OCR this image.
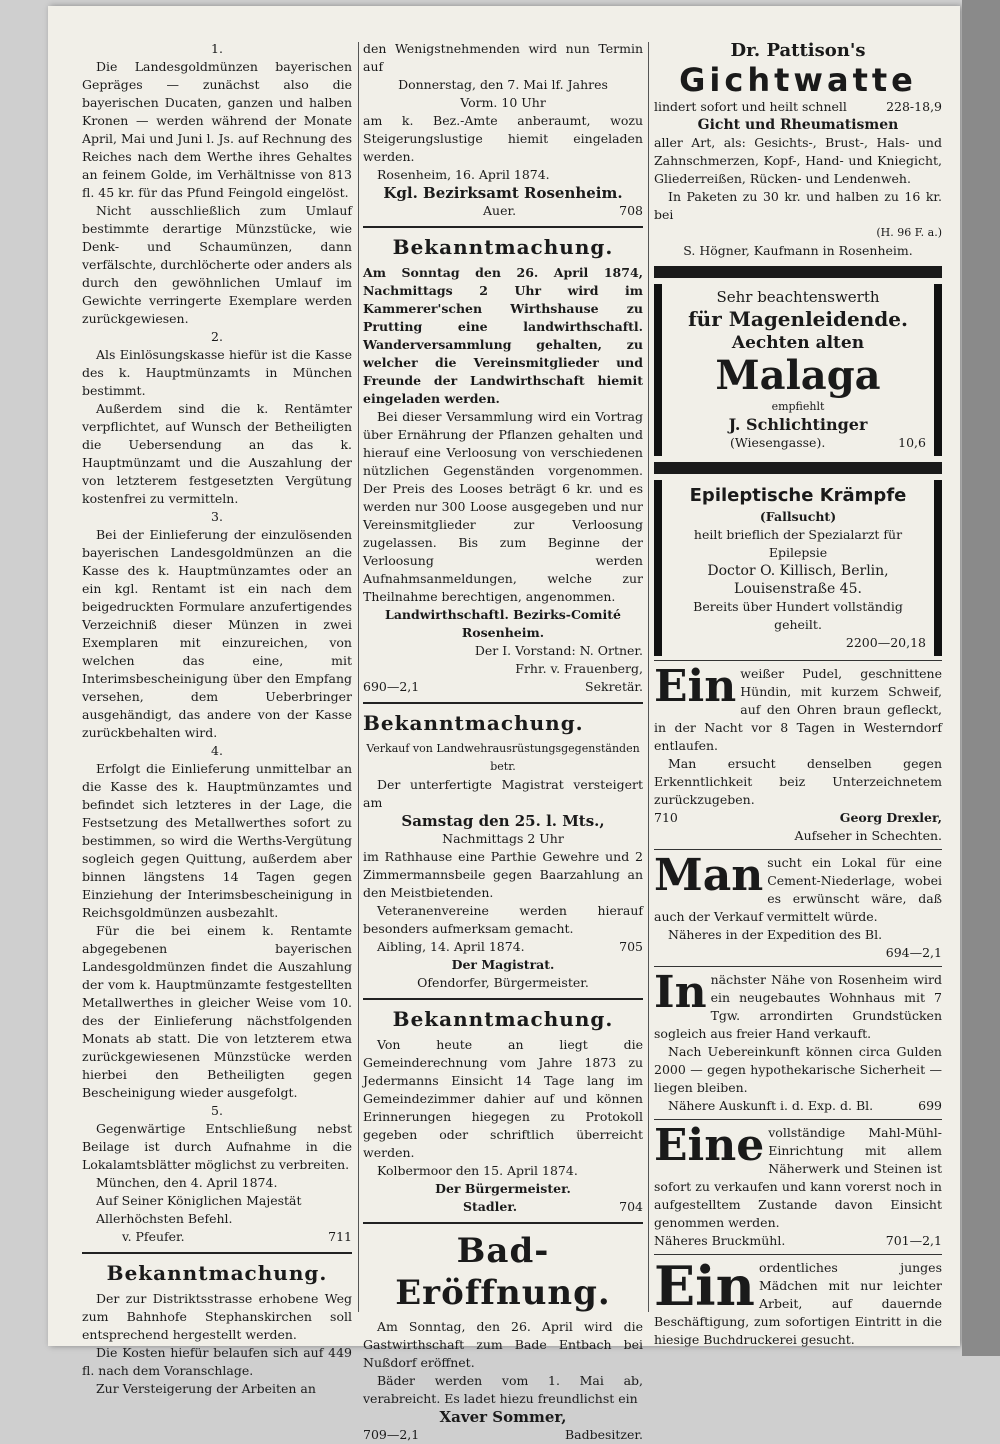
1.

Die Landesgoldmünzen bayerischen Gepräges — zunächst also die bayerischen Ducaten, ganzen und halben Kronen — werden während der Monate April, Mai und Juni l. Js. auf Rechnung des Reiches nach dem Werthe ihres Gehaltes an feinem Golde, im Verhältnisse von 813 fl. 45 kr. für das Pfund Feingold eingelöst.

Nicht ausschließlich zum Umlauf bestimmte derartige Münzstücke, wie Denk- und Schaumünzen, dann verfälschte, durchlöcherte oder anders als durch den gewöhnlichen Umlauf im Gewichte verringerte Exemplare werden zurückgewiesen.

2.

Als Einlösungskasse hiefür ist die Kasse des k. Hauptmünzamts in München bestimmt.

Außerdem sind die k. Rentämter verpflichtet, auf Wunsch der Betheiligten die Uebersendung an das k. Hauptmünzamt und die Auszahlung der von letzterem festgesetzten Vergütung kostenfrei zu vermitteln.

3.

Bei der Einlieferung der einzulösenden bayerischen Landesgoldmünzen an die Kasse des k. Hauptmünzamtes oder an ein kgl. Rentamt ist ein nach dem beigedruckten Formulare anzufertigendes Verzeichniß dieser Münzen in zwei Exemplaren mit einzureichen, von welchen das eine, mit Interimsbescheinigung über den Empfang versehen, dem Ueberbringer ausgehändigt, das andere von der Kasse zurückbehalten wird.

4.

Erfolgt die Einlieferung unmittelbar an die Kasse des k. Hauptmünzamtes und befindet sich letzteres in der Lage, die Festsetzung des Metallwerthes sofort zu bestimmen, so wird die Werths-Vergütung sogleich gegen Quittung, außerdem aber binnen längstens 14 Tagen gegen Einziehung der Interimsbescheinigung in Reichsgoldmünzen ausbezahlt.

Für die bei einem k. Rentamte abgegebenen bayerischen Landesgoldmünzen findet die Auszahlung der vom k. Hauptmünzamte festgestellten Metallwerthes in gleicher Weise vom 10. des der Einlieferung nächstfolgenden Monats ab statt. Die von letzterem etwa zurückgewiesenen Münzstücke werden hierbei den Betheiligten gegen Bescheinigung wieder ausgefolgt.

5.

Gegenwärtige Entschließung nebst Beilage ist durch Aufnahme in die Lokalamtsblätter möglichst zu verbreiten.

München, den 4. April 1874.

Auf Seiner Königlichen Majestät

Allerhöchsten Befehl.

v. Pfeufer.	711

Bekanntmachung.

Der zur Distriktsstrasse erhobene Weg zum Bahnhofe Stephanskirchen soll entsprechend hergestellt werden.

Die Kosten hiefür belaufen sich auf 449 fl. nach dem Voranschlage.

Zur Versteigerung der Arbeiten an

den Wenigstnehmenden wird nun Termin auf

Donnerstag, den 7. Mai lf. Jahres

Vorm. 10 Uhr

am k. Bez.-Amte anberaumt, wozu Steigerungslustige hiemit eingeladen werden.

Rosenheim, 16. April 1874.

Kgl. Bezirksamt Rosenheim.

Auer.	708

Bekanntmachung.

Am Sonntag den 26. April 1874, Nachmittags 2 Uhr wird im Kammerer'schen Wirthshause zu Prutting eine landwirthschaftl. Wanderversammlung gehalten, zu welcher die Vereinsmitglieder und Freunde der Landwirthschaft hiemit eingeladen werden.

Bei dieser Versammlung wird ein Vortrag über Ernährung der Pflanzen gehalten und hierauf eine Verloosung von verschiedenen nützlichen Gegenständen vorgenommen. Der Preis des Looses beträgt 6 kr. und es werden nur 300 Loose ausgegeben und nur Vereinsmitglieder zur Verloosung zugelassen. Bis zum Beginne der Verloosung werden Aufnahmsanmeldungen, welche zur Theilnahme berechtigen, angenommen.

Landwirthschaftl. Bezirks-Comité Rosenheim.

Der I. Vorstand: N. Ortner.

Frhr. v. Frauenberg,

690—2,1	Sekretär.

Bekanntmachung.

Verkauf von Landwehrausrüstungsgegenständen betr.

Der unterfertigte Magistrat versteigert am

Samstag den 25. l. Mts.,

Nachmittags 2 Uhr

im Rathhause eine Parthie Gewehre und 2 Zimmermannsbeile gegen Baarzahlung an den Meistbietenden.

Veteranenvereine werden hierauf besonders aufmerksam gemacht.

Aibling, 14. April 1874.	705

Der Magistrat.

Ofendorfer, Bürgermeister.

Bekanntmachung.

Von heute an liegt die Gemeinderechnung vom Jahre 1873 zu Jedermanns Einsicht 14 Tage lang im Gemeindezimmer dahier auf und können Erinnerungen hiegegen zu Protokoll gegeben oder schriftlich überreicht werden.

Kolbermoor den 15. April 1874.

Der Bürgermeister.

Stadler.	704

Bad-Eröffnung.

Am Sonntag, den 26. April wird die Gastwirthschaft zum Bade Entbach bei Nußdorf eröffnet.

Bäder werden vom 1. Mai ab, verabreicht. Es ladet hiezu freundlichst ein

Xaver Sommer,

709—2,1	Badbesitzer.

Dr. Pattison's

Gichtwatte

lindert sofort und heilt schnell	228-18,9

Gicht und Rheumatismen

aller Art, als: Gesichts-, Brust-, Hals- und Zahnschmerzen, Kopf-, Hand- und Kniegicht, Gliederreißen, Rücken- und Lendenweh.

In Paketen zu 30 kr. und halben zu 16 kr. bei

(H. 96 F. a.)

S. Högner, Kaufmann in Rosenheim.

Sehr beachtenswerth

für Magenleidende.

Aechten alten

Malaga

empfiehlt

J. Schlichtinger

(Wiesengasse).	10,6

Epileptische Krämpfe

(Fallsucht)

heilt brieflich der Spezialarzt für Epilepsie

Doctor O. Killisch, Berlin,

Louisenstraße 45.

Bereits über Hundert vollständig geheilt.

2200—20,18

Ein weißer Pudel, geschnittene Hündin, mit kurzem Schweif, auf den Ohren braun gefleckt, in der Nacht vor 8 Tagen in Westerndorf entlaufen.

Man ersucht denselben gegen Erkenntlichkeit beiz Unterzeichnetem zurückzugeben.

710	Georg Drexler,

Aufseher in Schechten.

Man sucht ein Lokal für eine Cement-Niederlage, wobei es erwünscht wäre, daß auch der Verkauf vermittelt würde.

Näheres in der Expedition des Bl.

694—2,1

In nächster Nähe von Rosenheim wird ein neugebautes Wohnhaus mit 7 Tgw. arrondirten Grundstücken sogleich aus freier Hand verkauft.

Nach Uebereinkunft können circa Gulden 2000 — gegen hypothekarische Sicherheit — liegen bleiben.

Nähere Auskunft i. d. Exp. d. Bl.	699

Eine vollständige Mahl-Mühl-Einrichtung mit allem Näherwerk und Steinen ist sofort zu verkaufen und kann vorerst noch in aufgestelltem Zustande davon Einsicht genommen werden.

Näheres Bruckmühl.	701—2,1

Ein ordentliches junges Mädchen mit nur leichter Arbeit, auf dauernde Beschäftigung, zum sofortigen Eintritt in die hiesige Buchdruckerei gesucht.
